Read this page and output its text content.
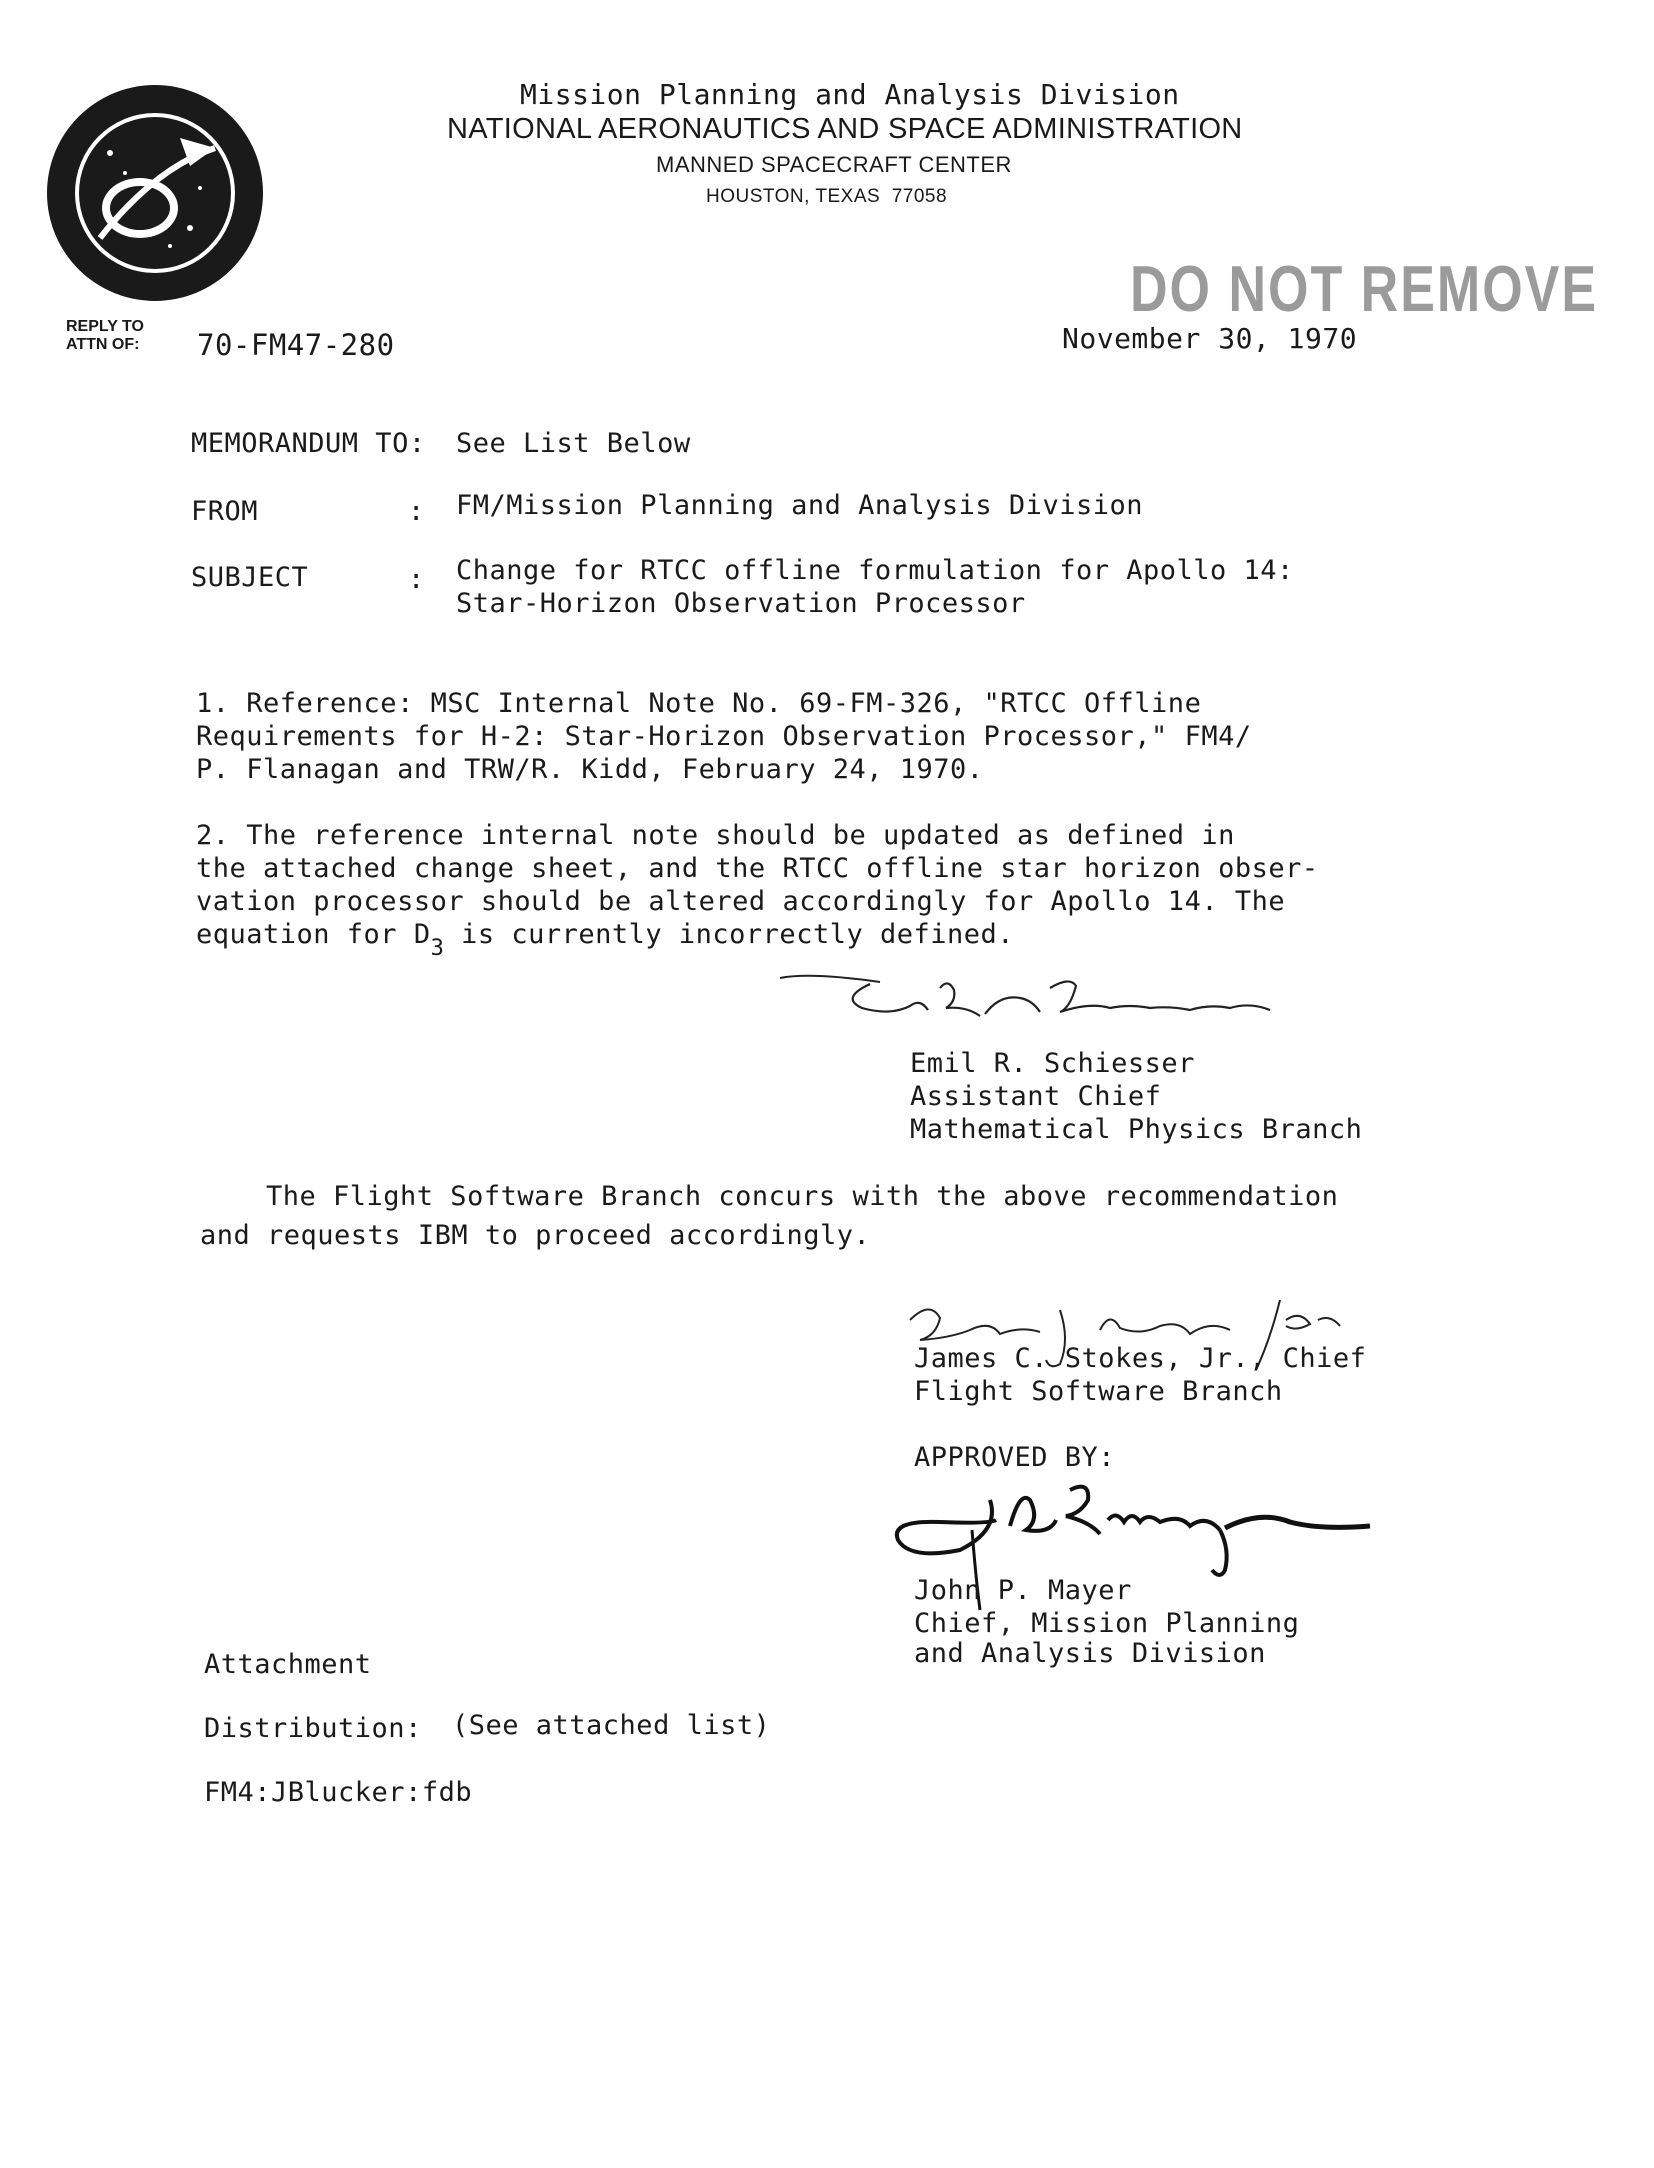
Mission Planning and Analysis Division
NATIONAL AERONAUTICS AND SPACE ADMINISTRATION
MANNED SPACECRAFT CENTER
HOUSTON, TEXAS 77058
DO NOT REMOVE
REPLY TO
ATTN OF: 70-FM47-280	November 30, 1970
MEMORANDUM TO: See List Below
FROM	: FM/Mission Planning and Analysis Division
SUBJECT	: Change for RTCC offline formulation for Apollo 14:
Star-Horizon Observation Processor
1. Reference: MSC Internal Note No. 69-FM-326, "RTCC Offline
Requirements for H-2: Star-Horizon Observation Processor," FM4/
P. Flanagan and TRW/R. Kidd, February 24, 1970.
2. The reference internal note should be updated as defined in
the attached change sheet, and the RTCC offline star horizon obser-
vation processor should be altered accordingly for Apollo 14. The
equation for $D_3$ is currently incorrectly defined.
Emil R. Schiesser
Assistant Chief
Mathematical Physics Branch
The Flight Software Branch concurs with the above recommendation
and requests IBM to proceed accordingly.
James C. Stokes, Jr., Chief
Flight Software Branch
APPROVED BY:
John P. Mayer
Chief, Mission Planning
and Analysis Division
Attachment
Distribution: (See attached list)
FM4:JBlucker:fdb
